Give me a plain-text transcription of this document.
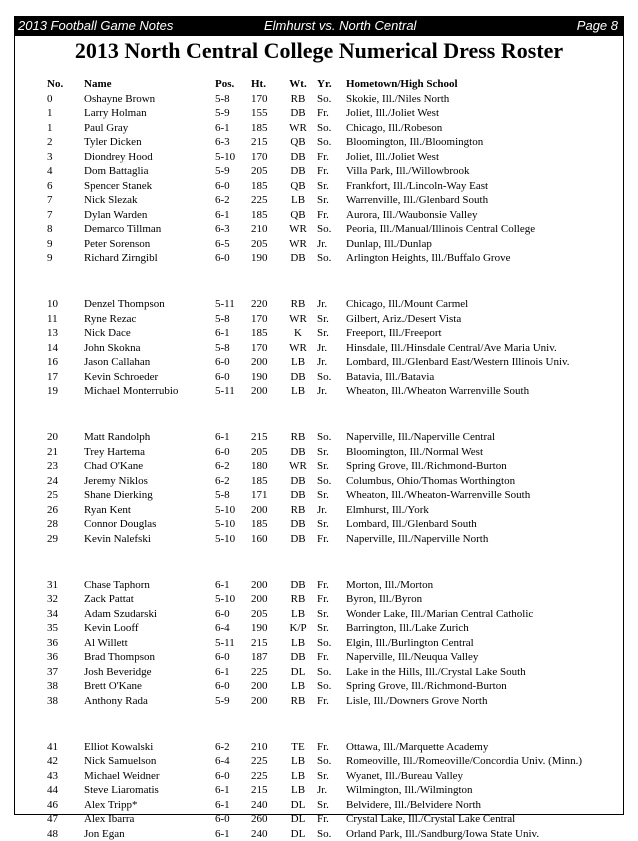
2013 Football Game Notes	Elmhurst vs. North Central	Page 8
2013 North Central College Numerical Dress Roster
No. Name	Pos. Ht.	Wt. Yr. Hometown/High School
0	Oshayne Brown	5-8 170	RB	So. Skokie, Ill./Niles North
1	Larry Holman	5-9 155	DB	Fr. Joliet, Ill./Joliet West
1	Paul Gray	6-1 185	WR So. Chicago, Ill./Robeson
2	Tyler Dicken	6-3 215	QB	So. Bloomington, Ill./Bloomington
3	Diondrey Hood	5-10 170	DB	Fr. Joliet, Ill./Joliet West
4	Dom Battaglia	5-9 205	DB	Fr. Villa Park, Ill./Willowbrook
6	Spencer Stanek	6-0 185	QB	Sr. Frankfort, Ill./Lincoln-Way East
7	Nick Slezak	6-2 225	LB	Sr. Warrenville, Ill./Glenbard South
7	Dylan Warden	6-1 185	QB	Fr. Aurora, Ill./Waubonsie Valley
8	Demarco Tillman	6-3 210	WR So. Peoria, Ill./Manual/Illinois Central College
9	Peter Sorenson	6-5 205	WR Jr. Dunlap, Ill./Dunlap
9	Richard Zirngibl	6-0 190	DB	So. Arlington Heights, Ill./Buffalo Grove
10 Denzel Thompson	5-11 220	RB	Jr. Chicago, Ill./Mount Carmel
11 Ryne Rezac	5-8 170	WR Sr. Gilbert, Ariz./Desert Vista
13 Nick Dace	6-1 185	K	Sr. Freeport, Ill./Freeport
14 John Skokna	5-8 170	WR Jr. Hinsdale, Ill./Hinsdale Central/Ave Maria Univ.
16 Jason Callahan	6-0 200	LB	Jr. Lombard, Ill./Glenbard East/Western Illinois Univ.
17 Kevin Schroeder	6-0 190	DB	So. Batavia, Ill./Batavia
19 Michael Monterrubio	5-11 200	LB	Jr. Wheaton, Ill./Wheaton Warrenville South
20 Matt Randolph	6-1 215	RB	So. Naperville, Ill./Naperville Central
21 Trey Hartema	6-0 205	DB	Sr. Bloomington, Ill./Normal West
23 Chad O'Kane	6-2 180	WR Sr. Spring Grove, Ill./Richmond-Burton
24 Jeremy Niklos	6-2 185	DB	So. Columbus, Ohio/Thomas Worthington
25 Shane Dierking	5-8 171	DB	Sr. Wheaton, Ill./Wheaton-Warrenville South
26 Ryan Kent	5-10 200	RB	Jr. Elmhurst, Ill./York
28 Connor Douglas	5-10 185	DB	Sr. Lombard, Ill./Glenbard South
29 Kevin Nalefski	5-10 160	DB	Fr. Naperville, Ill./Naperville North
31 Chase Taphorn	6-1 200	DB	Fr. Morton, Ill./Morton
32 Zack Pattat	5-10 200	RB	Fr. Byron, Ill./Byron
34 Adam Szudarski	6-0 205	LB	Sr. Wonder Lake, Ill./Marian Central Catholic
35 Kevin Looff	6-4 190	K/P Sr. Barrington, Ill./Lake Zurich
36 Al Willett	5-11 215	LB	So. Elgin, Ill./Burlington Central
36 Brad Thompson	6-0 187	DB	Fr. Naperville, Ill./Neuqua Valley
37 Josh Beveridge	6-1 225	DL	So. Lake in the Hills, Ill./Crystal Lake South
38 Brett O'Kane	6-0 200	LB	So. Spring Grove, Ill./Richmond-Burton
38 Anthony Rada	5-9 200	RB	Fr. Lisle, Ill./Downers Grove North
41 Elliot Kowalski	6-2 210	TE	Fr. Ottawa, Ill./Marquette Academy
42 Nick Samuelson	6-4 225	LB	So. Romeoville, Ill./Romeoville/Concordia Univ. (Minn.)
43 Michael Weidner	6-0 225	LB	Sr. Wyanet, Ill./Bureau Valley
44 Steve Liaromatis	6-1 215	LB	Jr. Wilmington, Ill./Wilmington
46 Alex Tripp*	6-1 240	DL	Sr. Belvidere, Ill./Belvidere North
47 Alex Ibarra	6-0 260	DL	Fr. Crystal Lake, Ill./Crystal Lake Central
48 Jon Egan	6-1 240	DL	So. Orland Park, Ill./Sandburg/Iowa State Univ.
